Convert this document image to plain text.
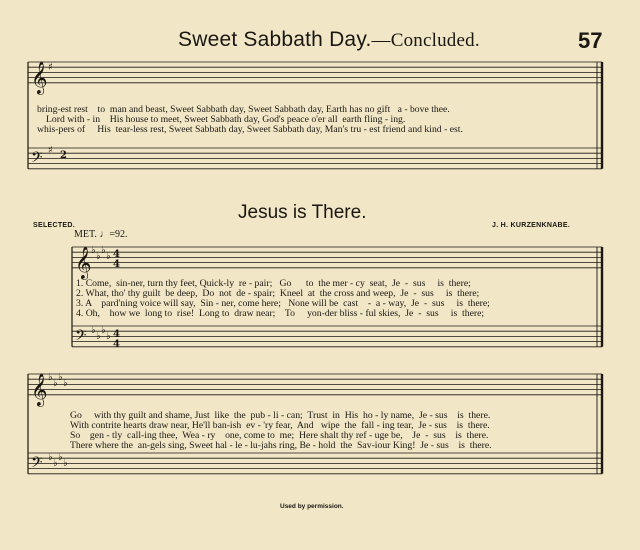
Sweet Sabbath Day.—Concluded.	57
𝄞
𝄢
𝄞
𝄢
𝄞
𝄢
♭
♭
♭
♭
♭
♭
♭
♭
♭
♭
♭
♭
♭
♭
♭
♭
4
4
4
4
♯
♯ 2
bring-est rest    to  man and beast, Sweet Sabbath day, Sweet Sabbath day, Earth has no gift   a - bove thee.
Lord with - in    His house to meet, Sweet Sabbath day, God's peace o'er all  earth fling - ing.
whis-pers of     His  tear-less rest, Sweet Sabbath day, Sweet Sabbath day, Man's tru - est friend and kind - est.
Jesus is There.
SELECTED.	J. H. KURZENKNABE.
MET. ♩=92.
1. Come,  sin-ner, turn thy feet, Quick-ly  re - pair;   Go      to  the mer - cy  seat,  Je  -  sus     is  there;
2. What, tho' thy guilt  be deep,  Do  not  de - spair;  Kneel  at  the cross and weep,  Je  -  sus     is  there;
3. A    pard'ning voice will say,  Sin - ner, come here;   None will be  cast    -  a - way,  Je  -  sus     is  there;
4. Oh,    how we  long to  rise!  Long to  draw near;    To     yon-der bliss - ful skies,  Je  -  sus     is  there;
Go     with thy guilt and shame, Just  like  the  pub - li - can;  Trust  in  His  ho - ly name,  Je - sus    is  there.
With contrite hearts draw near, He'll ban-ish  ev - 'ry fear,  And   wipe  the  fall - ing tear,  Je - sus    is  there.
So    gen - tly  call-ing thee,  Wea - ry    one, come to  me;  Here shalt thy ref - uge be,    Je  -  sus    is  there.
There where the  an-gels sing, Sweet hal - le - lu-jahs ring, Be - hold  the  Sav-iour King!  Je - sus    is  there.
Used by permission.
